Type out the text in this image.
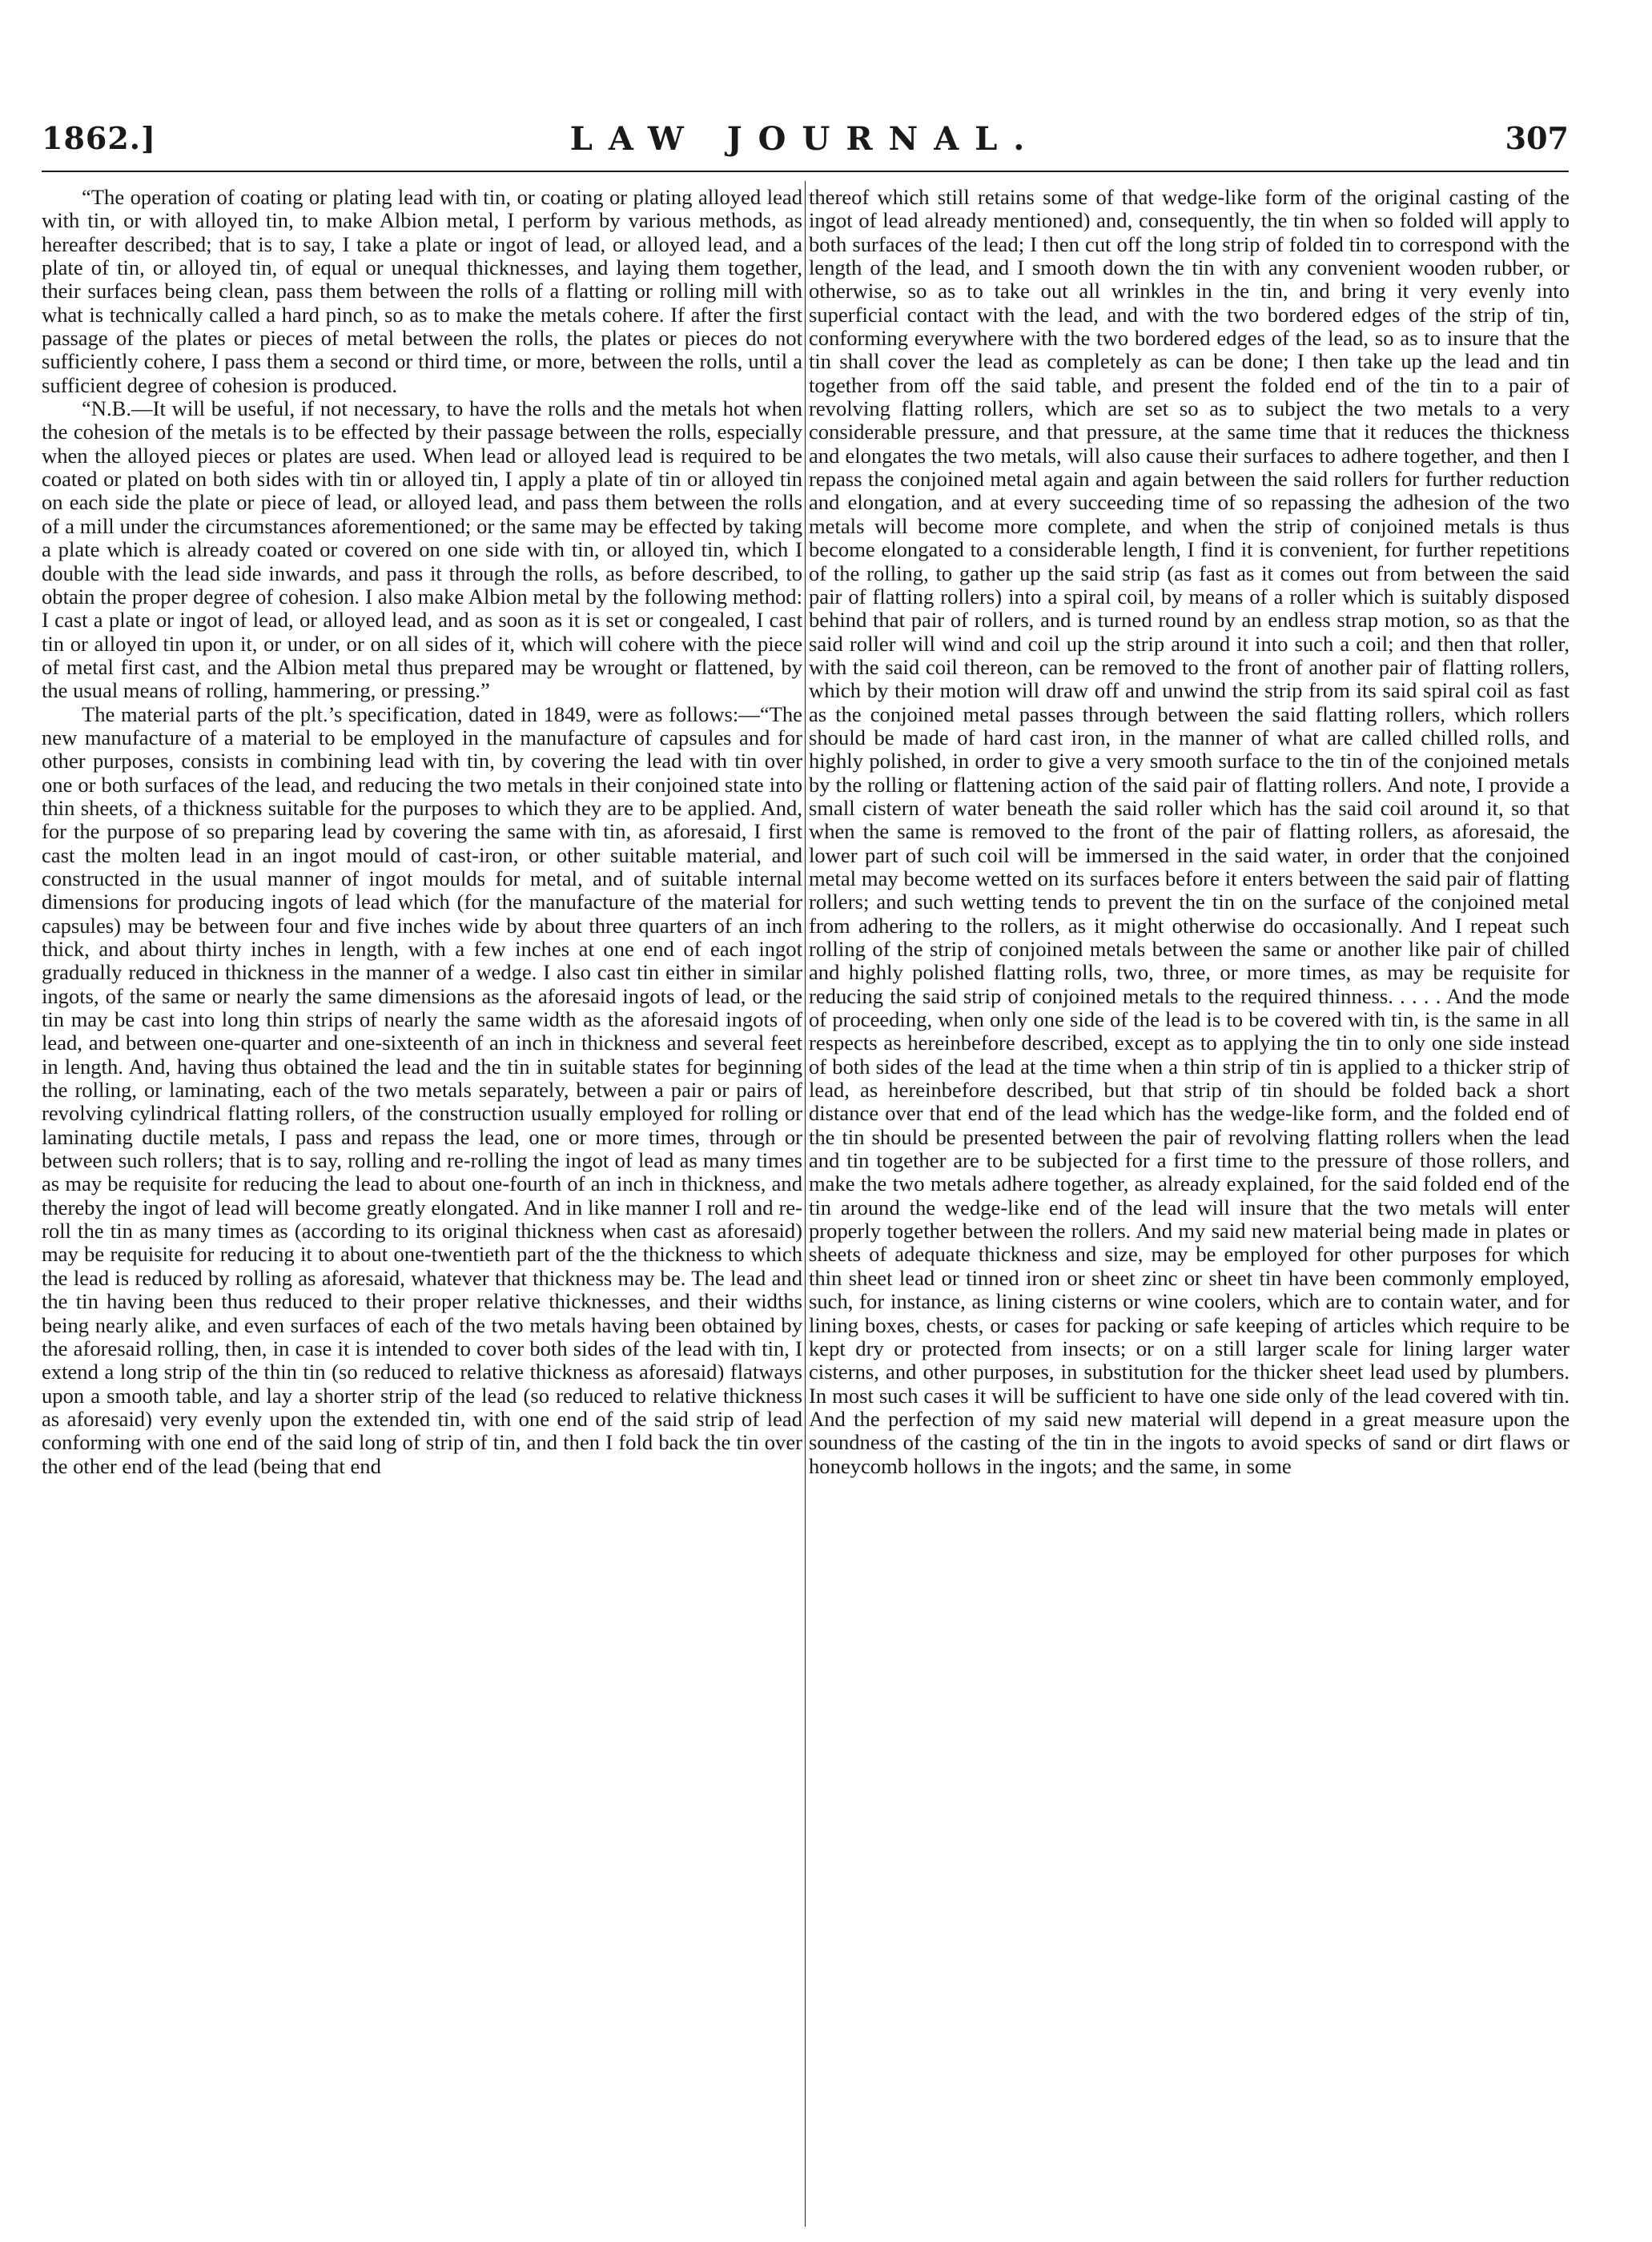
1862.]	LAW JOURNAL.	307

“The operation of coating or plating lead with tin, or coating or plating alloyed lead with tin, or with alloyed tin, to make Albion metal, I perform by various methods, as hereafter described; that is to say, I take a plate or ingot of lead, or alloyed lead, and a plate of tin, or alloyed tin, of equal or unequal thicknesses, and laying them together, their surfaces being clean, pass them between the rolls of a flatting or rolling mill with what is technically called a hard pinch, so as to make the metals cohere. If after the first passage of the plates or pieces of metal between the rolls, the plates or pieces do not sufficiently cohere, I pass them a second or third time, or more, between the rolls, until a sufficient degree of cohesion is produced.

“N.B.—It will be useful, if not necessary, to have the rolls and the metals hot when the cohesion of the metals is to be effected by their passage between the rolls, especially when the alloyed pieces or plates are used. When lead or alloyed lead is required to be coated or plated on both sides with tin or alloyed tin, I apply a plate of tin or alloyed tin on each side the plate or piece of lead, or alloyed lead, and pass them between the rolls of a mill under the circumstances aforementioned; or the same may be effected by taking a plate which is already coated or covered on one side with tin, or alloyed tin, which I double with the lead side inwards, and pass it through the rolls, as before described, to obtain the proper degree of cohesion. I also make Albion metal by the following method: I cast a plate or ingot of lead, or alloyed lead, and as soon as it is set or congealed, I cast tin or alloyed tin upon it, or under, or on all sides of it, which will cohere with the piece of metal first cast, and the Albion metal thus prepared may be wrought or flattened, by the usual means of rolling, hammering, or pressing.”

The material parts of the plt.’s specification, dated in 1849, were as follows:—“The new manufacture of a material to be employed in the manufacture of capsules and for other purposes, consists in combining lead with tin, by covering the lead with tin over one or both surfaces of the lead, and reducing the two metals in their conjoined state into thin sheets, of a thickness suitable for the purposes to which they are to be applied. And, for the purpose of so preparing lead by covering the same with tin, as aforesaid, I first cast the molten lead in an ingot mould of cast-iron, or other suitable material, and constructed in the usual manner of ingot moulds for metal, and of suitable internal dimensions for producing ingots of lead which (for the manufacture of the material for capsules) may be between four and five inches wide by about three quarters of an inch thick, and about thirty inches in length, with a few inches at one end of each ingot gradually reduced in thickness in the manner of a wedge. I also cast tin either in similar ingots, of the same or nearly the same dimensions as the aforesaid ingots of lead, or the tin may be cast into long thin strips of nearly the same width as the aforesaid ingots of lead, and between one-quarter and one-sixteenth of an inch in thickness and several feet in length. And, having thus obtained the lead and the tin in suitable states for beginning the rolling, or laminating, each of the two metals separately, between a pair or pairs of revolving cylindrical flatting rollers, of the construction usually employed for rolling or laminating ductile metals, I pass and repass the lead, one or more times, through or between such rollers; that is to say, rolling and re-rolling the ingot of lead as many times as may be requisite for reducing the lead to about one-fourth of an inch in thickness, and thereby the ingot of lead will become greatly elongated. And in like manner I roll and re-roll the tin as many times as (according to its original thickness when cast as aforesaid) may be requisite for reducing it to about one-twentieth part of the the thickness to which the lead is reduced by rolling as aforesaid, whatever that thickness may be. The lead and the tin having been thus reduced to their proper relative thicknesses, and their widths being nearly alike, and even surfaces of each of the two metals having been obtained by the aforesaid rolling, then, in case it is intended to cover both sides of the lead with tin, I extend a long strip of the thin tin (so reduced to relative thickness as aforesaid) flatways upon a smooth table, and lay a shorter strip of the lead (so reduced to relative thickness as aforesaid) very evenly upon the extended tin, with one end of the said strip of lead conforming with one end of the said long of strip of tin, and then I fold back the tin over the other end of the lead (being that end

thereof which still retains some of that wedge-like form of the original casting of the ingot of lead already mentioned) and, consequently, the tin when so folded will apply to both surfaces of the lead; I then cut off the long strip of folded tin to correspond with the length of the lead, and I smooth down the tin with any convenient wooden rubber, or otherwise, so as to take out all wrinkles in the tin, and bring it very evenly into superficial contact with the lead, and with the two bordered edges of the strip of tin, conforming everywhere with the two bordered edges of the lead, so as to insure that the tin shall cover the lead as completely as can be done; I then take up the lead and tin together from off the said table, and present the folded end of the tin to a pair of revolving flatting rollers, which are set so as to subject the two metals to a very considerable pressure, and that pressure, at the same time that it reduces the thickness and elongates the two metals, will also cause their surfaces to adhere together, and then I repass the conjoined metal again and again between the said rollers for further reduction and elongation, and at every succeeding time of so repassing the adhesion of the two metals will become more complete, and when the strip of conjoined metals is thus become elongated to a considerable length, I find it is convenient, for further repetitions of the rolling, to gather up the said strip (as fast as it comes out from between the said pair of flatting rollers) into a spiral coil, by means of a roller which is suitably disposed behind that pair of rollers, and is turned round by an endless strap motion, so as that the said roller will wind and coil up the strip around it into such a coil; and then that roller, with the said coil thereon, can be removed to the front of another pair of flatting rollers, which by their motion will draw off and unwind the strip from its said spiral coil as fast as the conjoined metal passes through between the said flatting rollers, which rollers should be made of hard cast iron, in the manner of what are called chilled rolls, and highly polished, in order to give a very smooth surface to the tin of the conjoined metals by the rolling or flattening action of the said pair of flatting rollers. And note, I provide a small cistern of water beneath the said roller which has the said coil around it, so that when the same is removed to the front of the pair of flatting rollers, as aforesaid, the lower part of such coil will be immersed in the said water, in order that the conjoined metal may become wetted on its surfaces before it enters between the said pair of flatting rollers; and such wetting tends to prevent the tin on the surface of the conjoined metal from adhering to the rollers, as it might otherwise do occasionally. And I repeat such rolling of the strip of conjoined metals between the same or another like pair of chilled and highly polished flatting rolls, two, three, or more times, as may be requisite for reducing the said strip of conjoined metals to the required thinness. . . . . And the mode of proceeding, when only one side of the lead is to be covered with tin, is the same in all respects as hereinbefore described, except as to applying the tin to only one side instead of both sides of the lead at the time when a thin strip of tin is applied to a thicker strip of lead, as hereinbefore described, but that strip of tin should be folded back a short distance over that end of the lead which has the wedge-like form, and the folded end of the tin should be presented between the pair of revolving flatting rollers when the lead and tin together are to be subjected for a first time to the pressure of those rollers, and make the two metals adhere together, as already explained, for the said folded end of the tin around the wedge-like end of the lead will insure that the two metals will enter properly together between the rollers. And my said new material being made in plates or sheets of adequate thickness and size, may be employed for other purposes for which thin sheet lead or tinned iron or sheet zinc or sheet tin have been commonly employed, such, for instance, as lining cisterns or wine coolers, which are to contain water, and for lining boxes, chests, or cases for packing or safe keeping of articles which require to be kept dry or protected from insects; or on a still larger scale for lining larger water cisterns, and other purposes, in substitution for the thicker sheet lead used by plumbers. In most such cases it will be sufficient to have one side only of the lead covered with tin. And the perfection of my said new material will depend in a great measure upon the soundness of the casting of the tin in the ingots to avoid specks of sand or dirt flaws or honeycomb hollows in the ingots; and the same, in some
